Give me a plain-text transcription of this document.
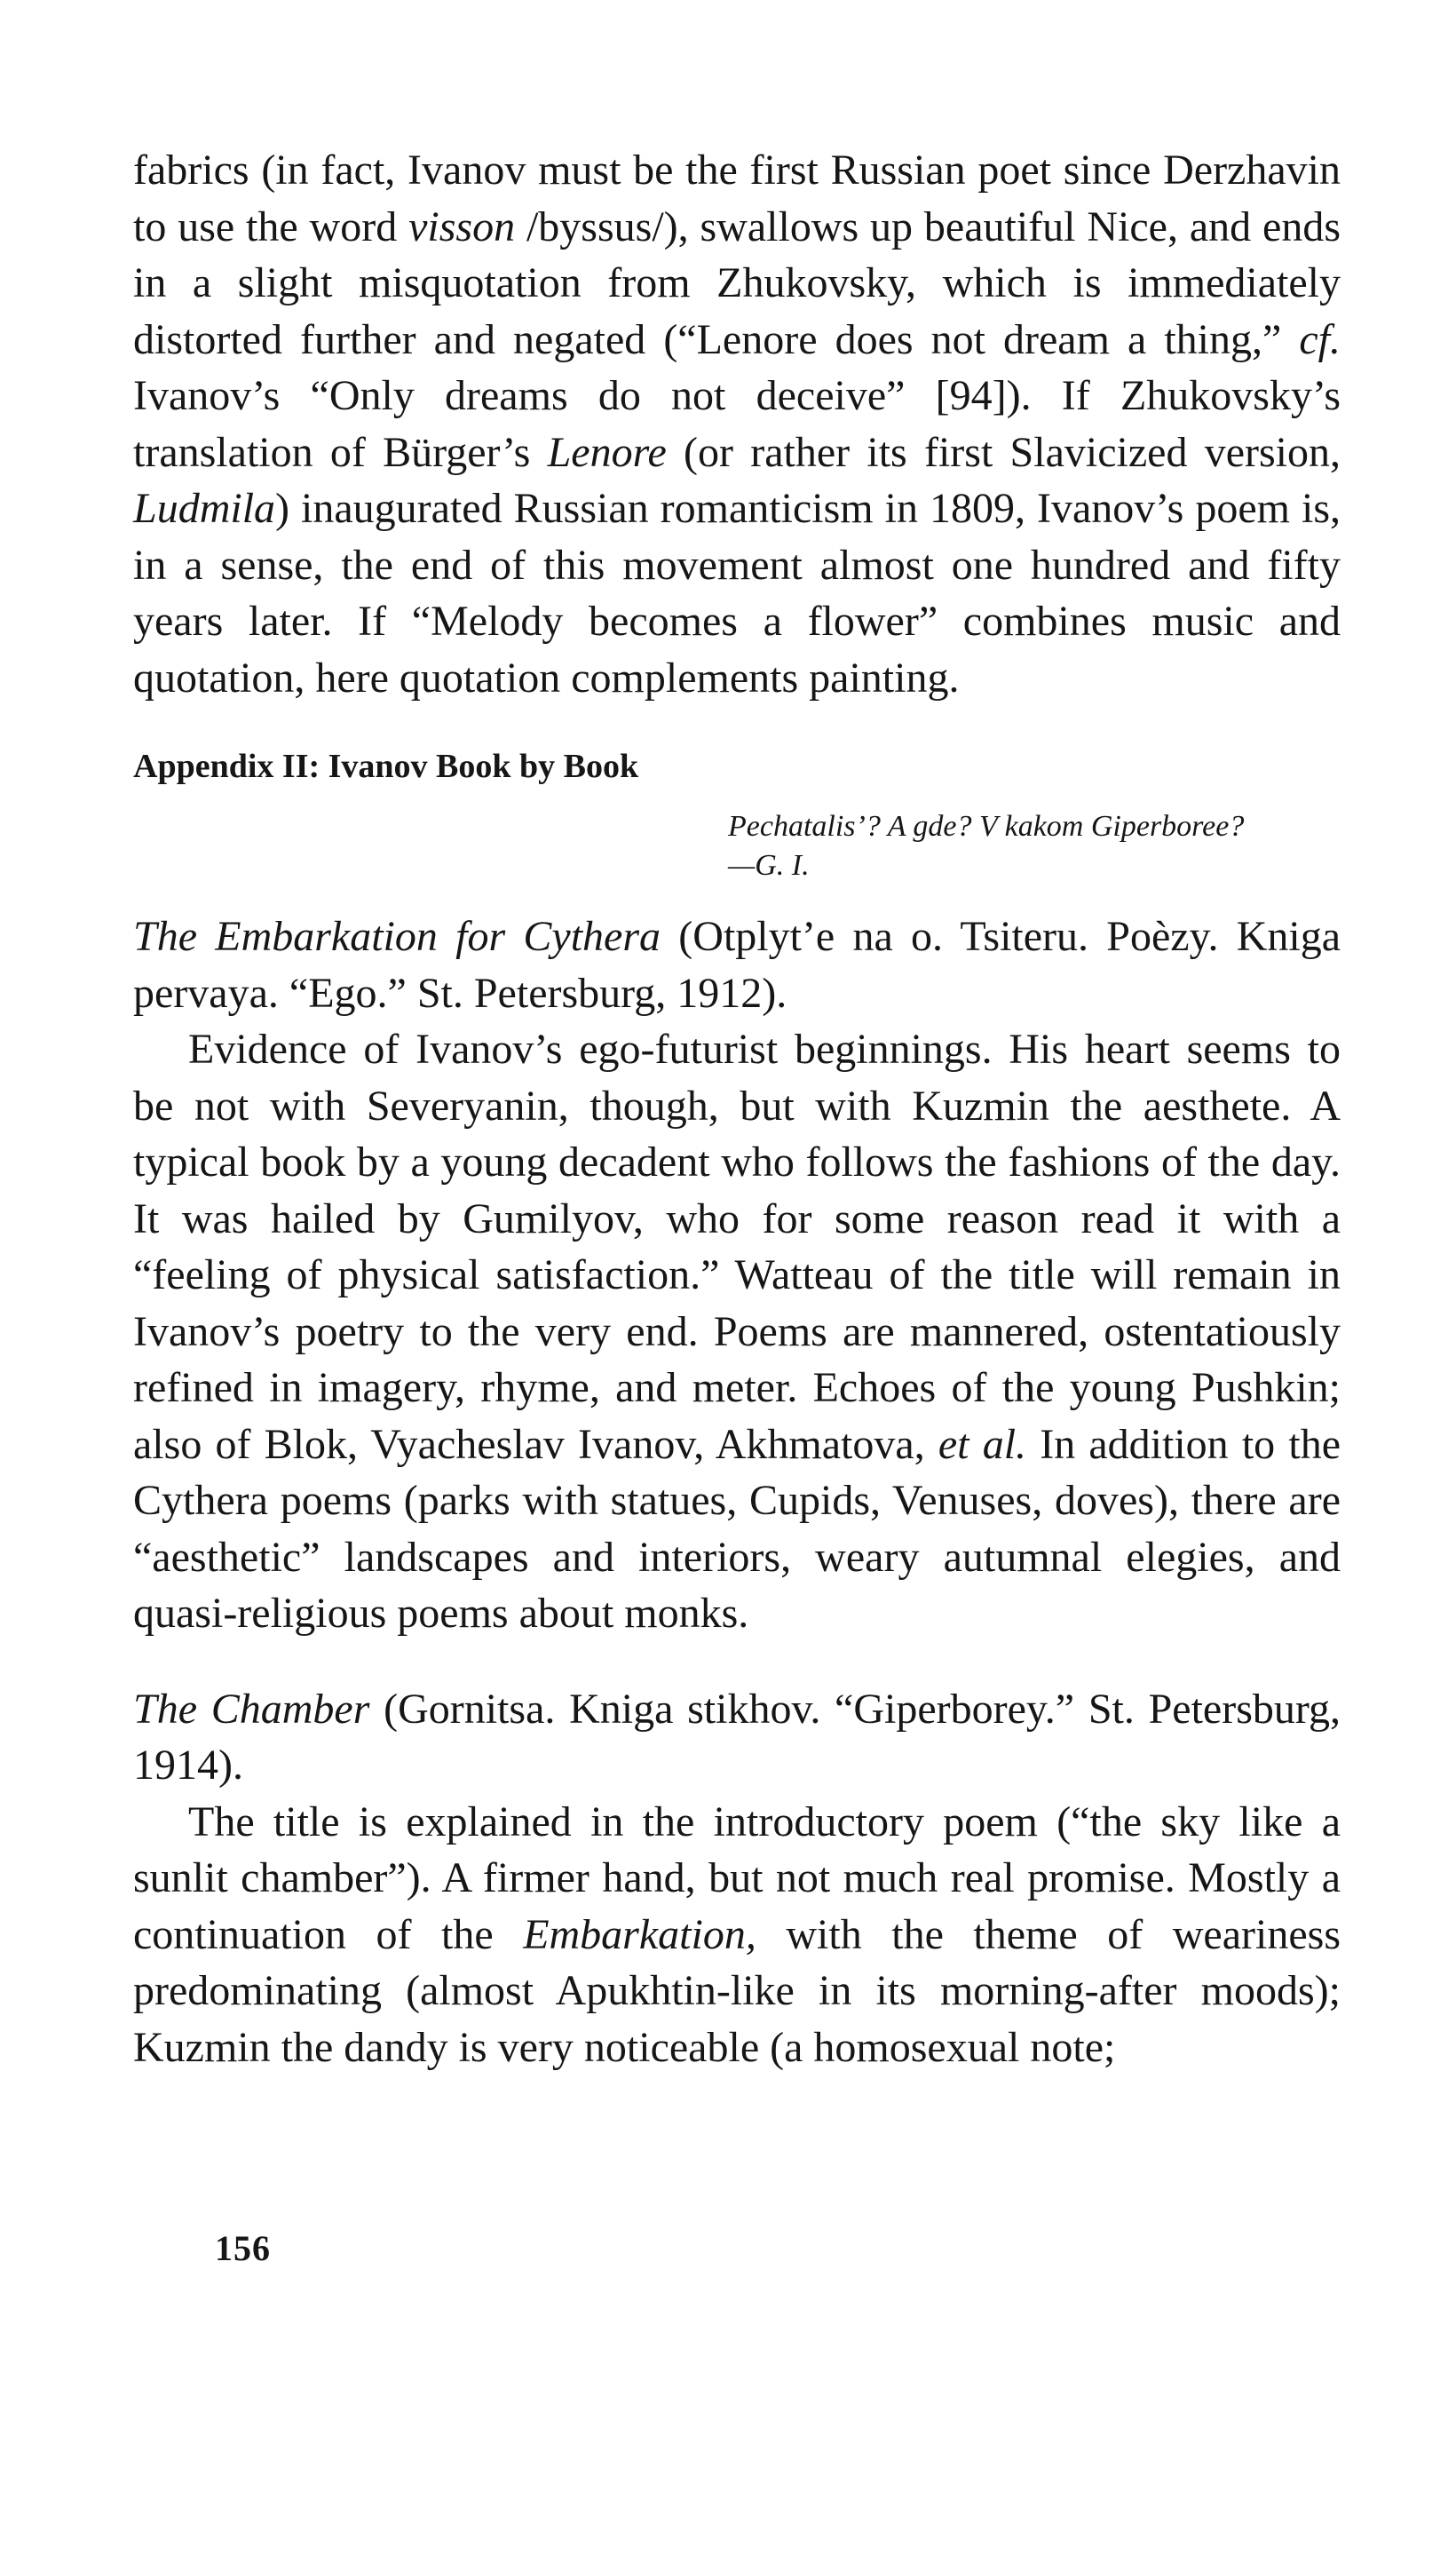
fabrics (in fact, Ivanov must be the first Russian poet since Derzhavin to use the word visson /byssus/), swallows up beautiful Nice, and ends in a slight misquotation from Zhukovsky, which is immediately distorted further and negated (“Lenore does not dream a thing,” cf. Ivanov’s “Only dreams do not deceive” [94]). If Zhukovsky’s translation of Bürger’s Lenore (or rather its first Slavicized version, Ludmila) inaugurated Russian romanticism in 1809, Ivanov’s poem is, in a sense, the end of this movement almost one hundred and fifty years later. If “Melody becomes a flower” combines music and quotation, here quotation complements painting.

Appendix II: Ivanov Book by Book

Pechatalis’? A gde? V kakom Giperboree?

—G. I.

The Embarkation for Cythera (Otplyt’e na o. Tsiteru. Poèzy. Kniga pervaya. “Ego.” St. Petersburg, 1912).

Evidence of Ivanov’s ego-futurist beginnings. His heart seems to be not with Severyanin, though, but with Kuzmin the aesthete. A typical book by a young decadent who follows the fashions of the day. It was hailed by Gumilyov, who for some reason read it with a “feeling of physical satisfaction.” Watteau of the title will remain in Ivanov’s poetry to the very end. Poems are mannered, ostentatiously refined in imagery, rhyme, and meter. Echoes of the young Pushkin; also of Blok, Vyacheslav Ivanov, Akhmatova, et al. In addition to the Cythera poems (parks with statues, Cupids, Venuses, doves), there are “aesthetic” landscapes and interiors, weary autumnal elegies, and quasi-religious poems about monks.

The Chamber (Gornitsa. Kniga stikhov. “Giperborey.” St. Petersburg, 1914).

The title is explained in the introductory poem (“the sky like a sunlit chamber”). A firmer hand, but not much real promise. Mostly a continuation of the Embarkation, with the theme of weariness predominating (almost Apukhtin-like in its morning-after moods); Kuzmin the dandy is very noticeable (a homosexual note;

156
